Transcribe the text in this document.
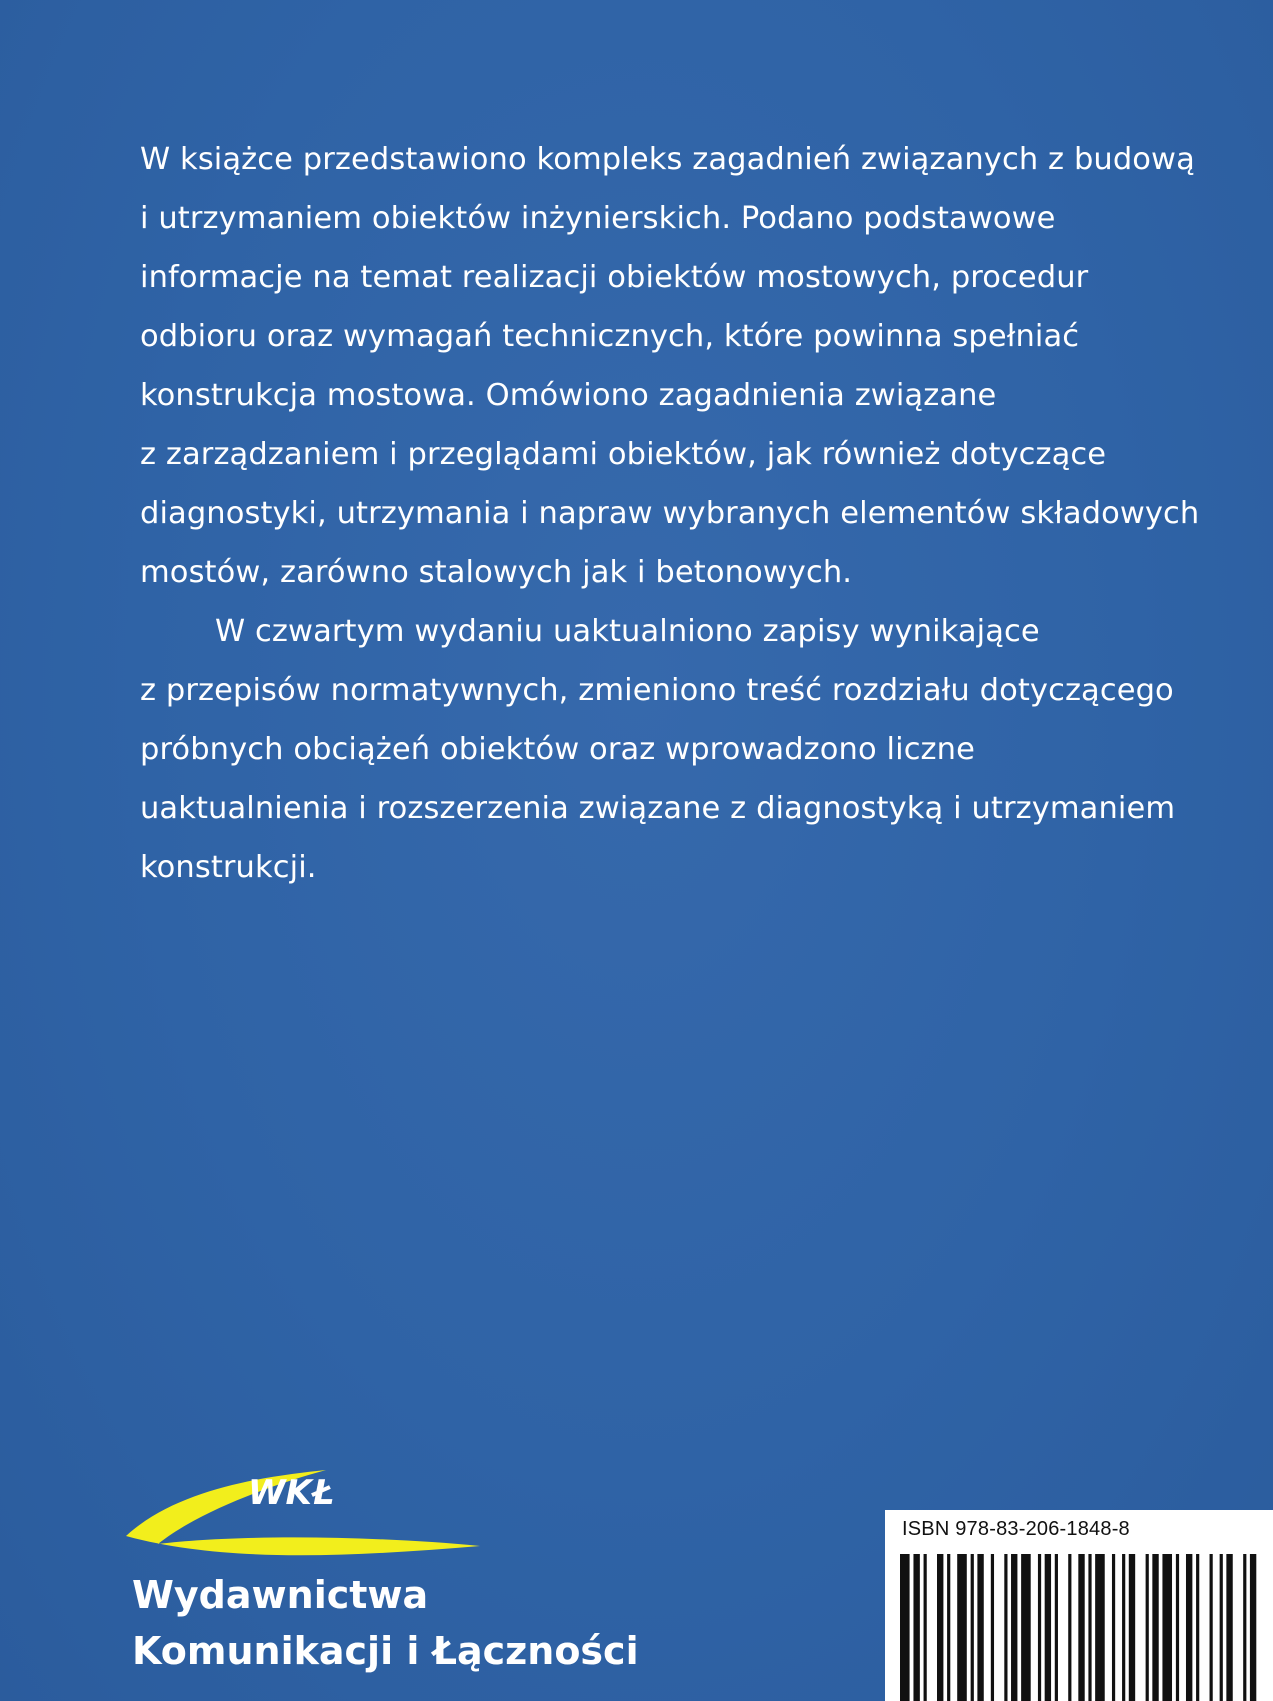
W książce przedstawiono kompleks zagadnień związanych z budową
i utrzymaniem obiektów inżynierskich. Podano podstawowe
informacje na temat realizacji obiektów mostowych, procedur
odbioru oraz wymagań technicznych, które powinna spełniać
konstrukcja mostowa. Omówiono zagadnienia związane
z zarządzaniem i przeglądami obiektów, jak również dotyczące
diagnostyki, utrzymania i napraw wybranych elementów składowych
mostów, zarówno stalowych jak i betonowych.
W czwartym wydaniu uaktualniono zapisy wynikające
z przepisów normatywnych, zmieniono treść rozdziału dotyczącego
próbnych obciążeń obiektów oraz wprowadzono liczne
uaktualnienia i rozszerzenia związane z diagnostyką i utrzymaniem
konstrukcji.
WKŁ
Wydawnictwa
Komunikacji i Łączności
ISBN 978-83-206-1848-8
